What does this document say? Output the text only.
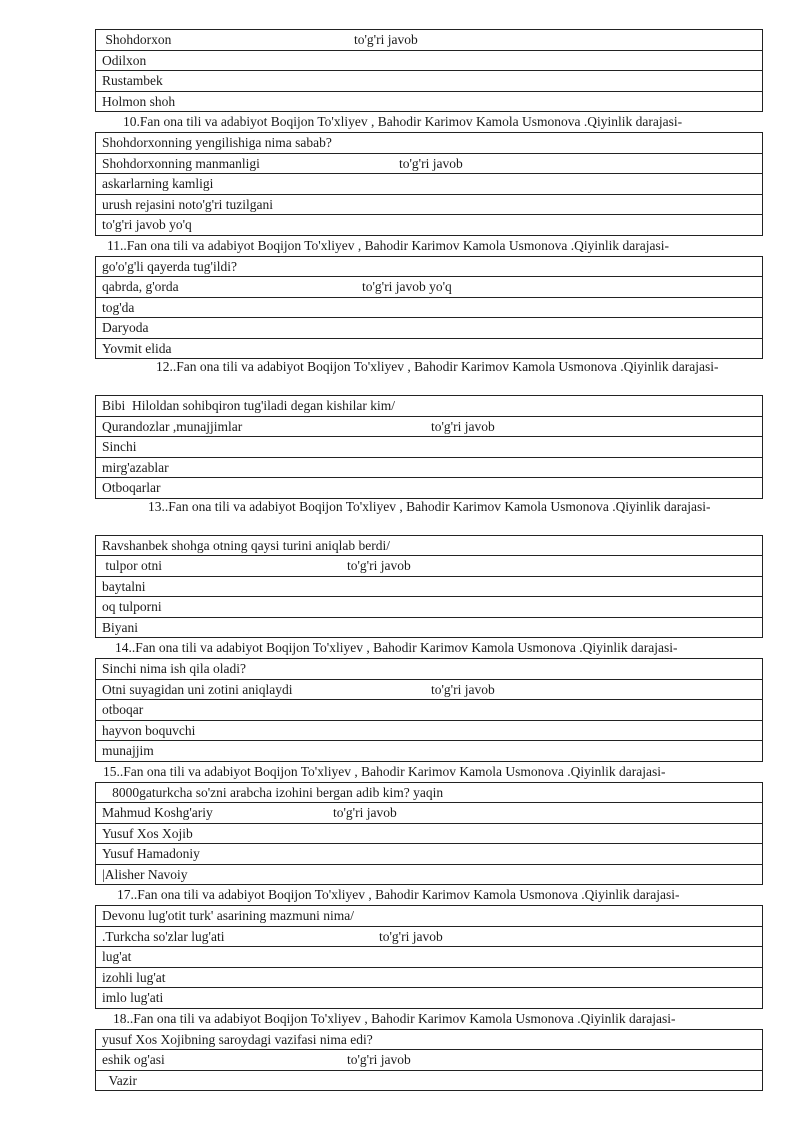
Shohdorxon	to'g'ri javob
Odilxon
Rustambek
Holmon shoh
10.Fan ona tili va adabiyot Boqijon To'xliyev , Bahodir Karimov Kamola Usmonova .Qiyinlik darajasi-
Shohdorxonning yengilishiga nima sabab?
Shohdorxonning manmanligi	to'g'ri javob
askarlarning kamligi
urush rejasini noto'g'ri tuzilgani
to'g'ri javob yo'q
11..Fan ona tili va adabiyot Boqijon To'xliyev , Bahodir Karimov Kamola Usmonova .Qiyinlik darajasi-
go'o'g'li qayerda tug'ildi?
qabrda, g'orda	to'g'ri javob yo'q
tog'da
Daryoda
Yovmit elida
12..Fan ona tili va adabiyot Boqijon To'xliyev , Bahodir Karimov Kamola Usmonova .Qiyinlik darajasi-
Bibi  Hiloldan sohibqiron tug'iladi degan kishilar kim/
Qurandozlar ,munajjimlar	to'g'ri javob
Sinchi
mirg'azablar
Otboqarlar
13..Fan ona tili va adabiyot Boqijon To'xliyev , Bahodir Karimov Kamola Usmonova .Qiyinlik darajasi-
Ravshanbek shohga otning qaysi turini aniqlab berdi/
tulpor otni	to'g'ri javob
baytalni
oq tulporni
Biyani
14..Fan ona tili va adabiyot Boqijon To'xliyev , Bahodir Karimov Kamola Usmonova .Qiyinlik darajasi-
Sinchi nima ish qila oladi?
Otni suyagidan uni zotini aniqlaydi	to'g'ri javob
otboqar
hayvon boquvchi
munajjim
15..Fan ona tili va adabiyot Boqijon To'xliyev , Bahodir Karimov Kamola Usmonova .Qiyinlik darajasi-
8000gaturkcha so'zni arabcha izohini bergan adib kim? yaqin
Mahmud Koshg'ariy	to'g'ri javob
Yusuf Xos Xojib
Yusuf Hamadoniy
|Alisher Navoiy
17..Fan ona tili va adabiyot Boqijon To'xliyev , Bahodir Karimov Kamola Usmonova .Qiyinlik darajasi-
Devonu lug'otit turk' asarining mazmuni nima/
.Turkcha so'zlar lug'ati	to'g'ri javob
lug'at
izohli lug'at
imlo lug'ati
18..Fan ona tili va adabiyot Boqijon To'xliyev , Bahodir Karimov Kamola Usmonova .Qiyinlik darajasi-
yusuf Xos Xojibning saroydagi vazifasi nima edi?
eshik og'asi	to'g'ri javob
Vazir
